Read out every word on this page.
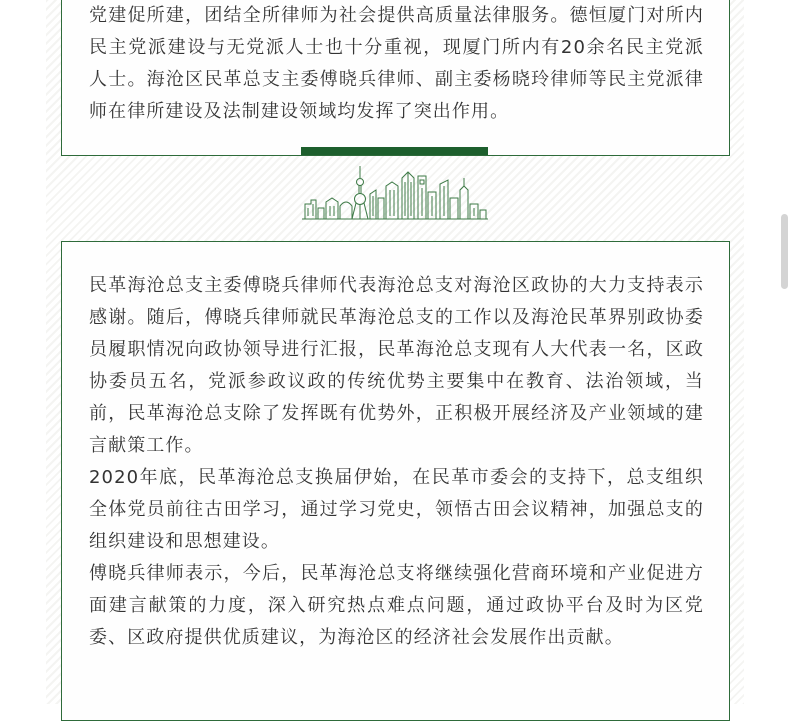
党建促所建，团结全所律师为社会提供高质量法律服务。德恒厦门对所内民主党派建设与无党派人士也十分重视，现厦门所内有20余名民主党派人士。海沧区民革总支主委傅晓兵律师、副主委杨晓玲律师等民主党派律师在律所建设及法制建设领域均发挥了突出作用。

民革海沧总支主委傅晓兵律师代表海沧总支对海沧区政协的大力支持表示感谢。随后，傅晓兵律师就民革海沧总支的工作以及海沧民革界别政协委员履职情况向政协领导进行汇报，民革海沧总支现有人大代表一名，区政协委员五名，党派参政议政的传统优势主要集中在教育、法治领域，当前，民革海沧总支除了发挥既有优势外，正积极开展经济及产业领域的建言献策工作。

2020年底，民革海沧总支换届伊始，在民革市委会的支持下，总支组织全体党员前往古田学习，通过学习党史，领悟古田会议精神，加强总支的组织建设和思想建设。

傅晓兵律师表示，今后，民革海沧总支将继续强化营商环境和产业促进方面建言献策的力度，深入研究热点难点问题，通过政协平台及时为区党委、区政府提供优质建议，为海沧区的经济社会发展作出贡献。
